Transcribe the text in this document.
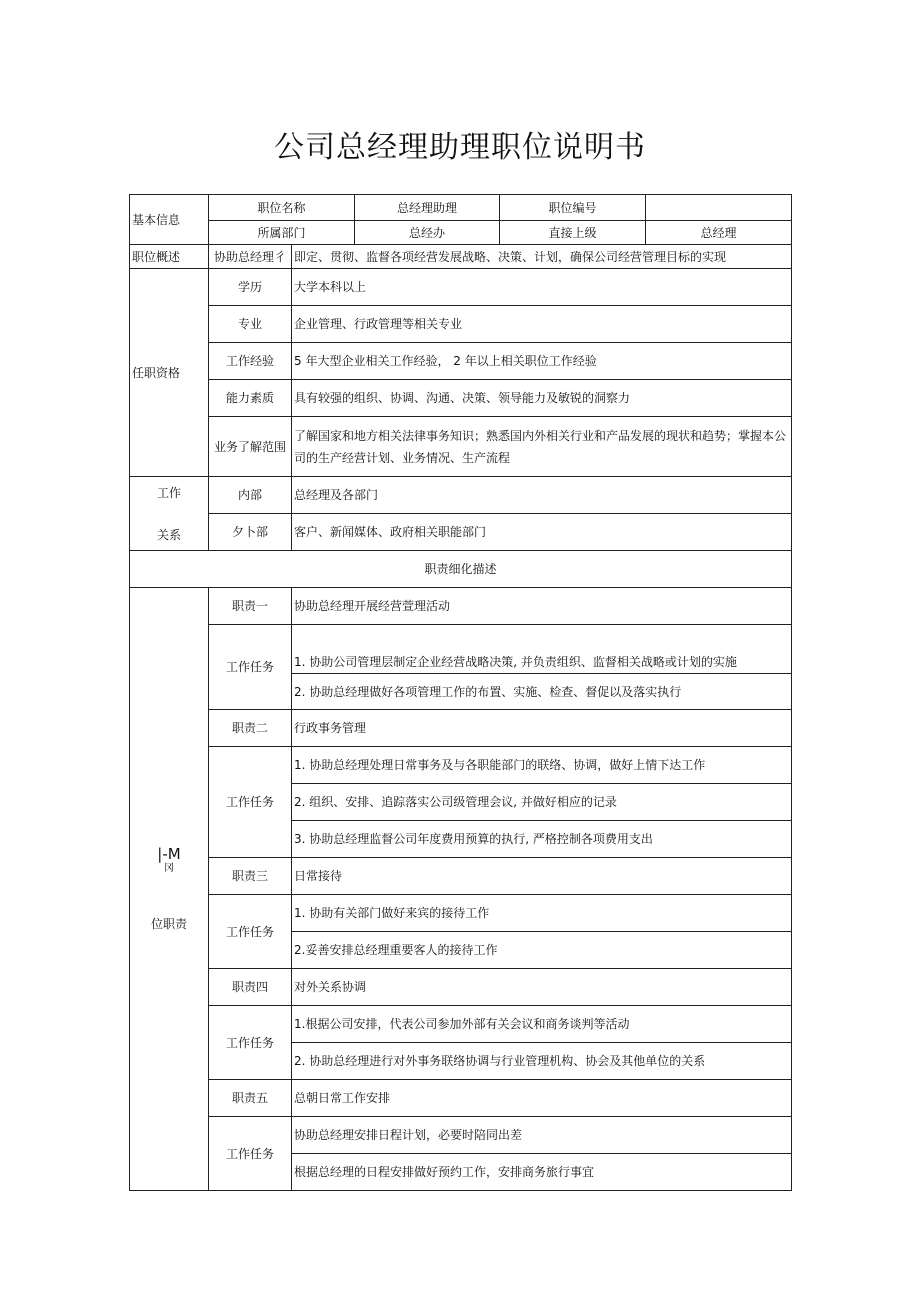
公司总经理助理职位说明书
基本信息	职位名称		总经理助理	职位编号	
	所属部门		总经办	直接上级	总经理
职位概述	协助总经理彳	即定、贯彻、监督各项经营发展战略、决策、计划，确保公司经营管理目标的实现			
任职资格	学历	大学本科以上			
	专业	企业管理、行政管理等相关专业			
	工作经验	5 年大型企业相关工作经验， 2 年以上相关职位工作经验			
	能力素质	具有较强的组织、协调、沟通、决策、领导能力及敏锐的洞察力			
	业务了解范围	了解国家和地方相关法律事务知识；熟悉国内外相关行业和产品发展的现状和趋势；掌握本公司的生产经营计划、业务情况、生产流程			

工作
关系	内部	总经理及各部门			
	夕卜部	客户、新闻媒体、政府相关职能部门			
职责细化描述					

|-M
冈
位职责	职责一	协助总经理开展经营萱理活动			
	工作任务	1. 协助公司管理层制定企业经营战略决策, 并负责组织、监督相关战略或计划的实施			
		2. 协助总经理做好各项管理工作的布置、实施、检查、督促以及落实执行			
	职责二	行政事务管理			
	工作任务	1. 协助总经理处理日常事务及与各职能部门的联络、协调，做好上情下达工作			
		2. 组织、安排、追踪落实公司级管理会议, 并做好相应的记录			
		3. 协助总经理监督公司年度费用预算的执行, 严格控制各项费用支出			
	职责三	日常接待			
	工作任务	1. 协助有关部门做好来宾的接待工作			
		2.妥善安排总经理重要客人的接待工作			
	职责四	对外关系协调			
	工作任务	1.根据公司安排，代表公司参加外部有关会议和商务谈判等活动			
		2. 协助总经理进行对外事务联络协调与行业管理机构、协会及其他单位的关系			
	职责五	总朝日常工作安排			
	工作任务	协助总经理安排日程计划，必要时陪同出差			
		根据总经理的日程安排做好预约工作，安排商务旅行事宜			
